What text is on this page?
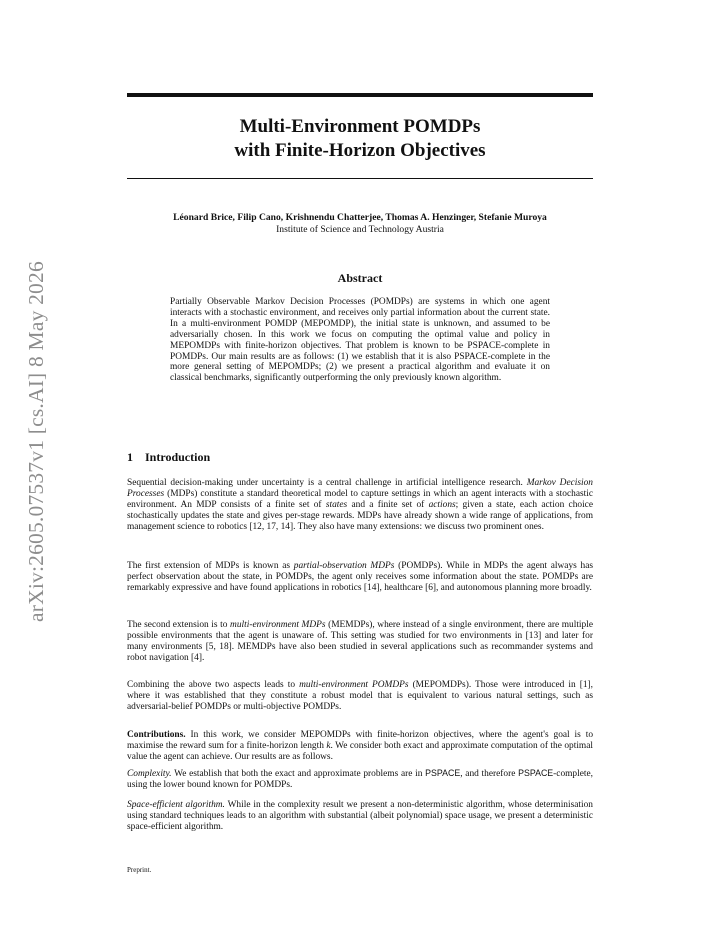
arXiv:2605.07537v1 [cs.AI] 8 May 2026
Multi-Environment POMDPs
with Finite-Horizon Objectives
Léonard Brice, Filip Cano, Krishnendu Chatterjee, Thomas A. Henzinger, Stefanie Muroya
Institute of Science and Technology Austria
Abstract
Partially Observable Markov Decision Processes (POMDPs) are systems in which one agent interacts with a stochastic environment, and receives only partial information about the current state. In a multi-environment POMDP (MEPOMDP), the initial state is unknown, and assumed to be adversarially chosen. In this work we focus on computing the optimal value and policy in MEPOMDPs with finite-horizon objectives. That problem is known to be PSPACE-complete in POMDPs. Our main results are as follows: (1) we establish that it is also PSPACE-complete in the more general setting of MEPOMDPs; (2) we present a practical algorithm and evaluate it on classical benchmarks, significantly outperforming the only previously known algorithm.
1 Introduction
Sequential decision-making under uncertainty is a central challenge in artificial intelligence research. Markov Decision Processes (MDPs) constitute a standard theoretical model to capture settings in which an agent interacts with a stochastic environment. An MDP consists of a finite set of states and a finite set of actions; given a state, each action choice stochastically updates the state and gives per-stage rewards. MDPs have already shown a wide range of applications, from management science to robotics [12, 17, 14]. They also have many extensions: we discuss two prominent ones.
The first extension of MDPs is known as partial-observation MDPs (POMDPs). While in MDPs the agent always has perfect observation about the state, in POMDPs, the agent only receives some information about the state. POMDPs are remarkably expressive and have found applications in robotics [14], healthcare [6], and autonomous planning more broadly.
The second extension is to multi-environment MDPs (MEMDPs), where instead of a single environment, there are multiple possible environments that the agent is unaware of. This setting was studied for two environments in [13] and later for many environments [5, 18]. MEMDPs have also been studied in several applications such as recommander systems and robot navigation [4].
Combining the above two aspects leads to multi-environment POMDPs (MEPOMDPs). Those were introduced in [1], where it was established that they constitute a robust model that is equivalent to various natural settings, such as adversarial-belief POMDPs or multi-objective POMDPs.
Contributions. In this work, we consider MEPOMDPs with finite-horizon objectives, where the agent's goal is to maximise the reward sum for a finite-horizon length k. We consider both exact and approximate computation of the optimal value the agent can achieve. Our results are as follows.
Complexity. We establish that both the exact and approximate problems are in PSPACE, and therefore PSPACE-complete, using the lower bound known for POMDPs.
Space-efficient algorithm. While in the complexity result we present a non-deterministic algorithm, whose determinisation using standard techniques leads to an algorithm with substantial (albeit polynomial) space usage, we present a deterministic space-efficient algorithm.
Preprint.
